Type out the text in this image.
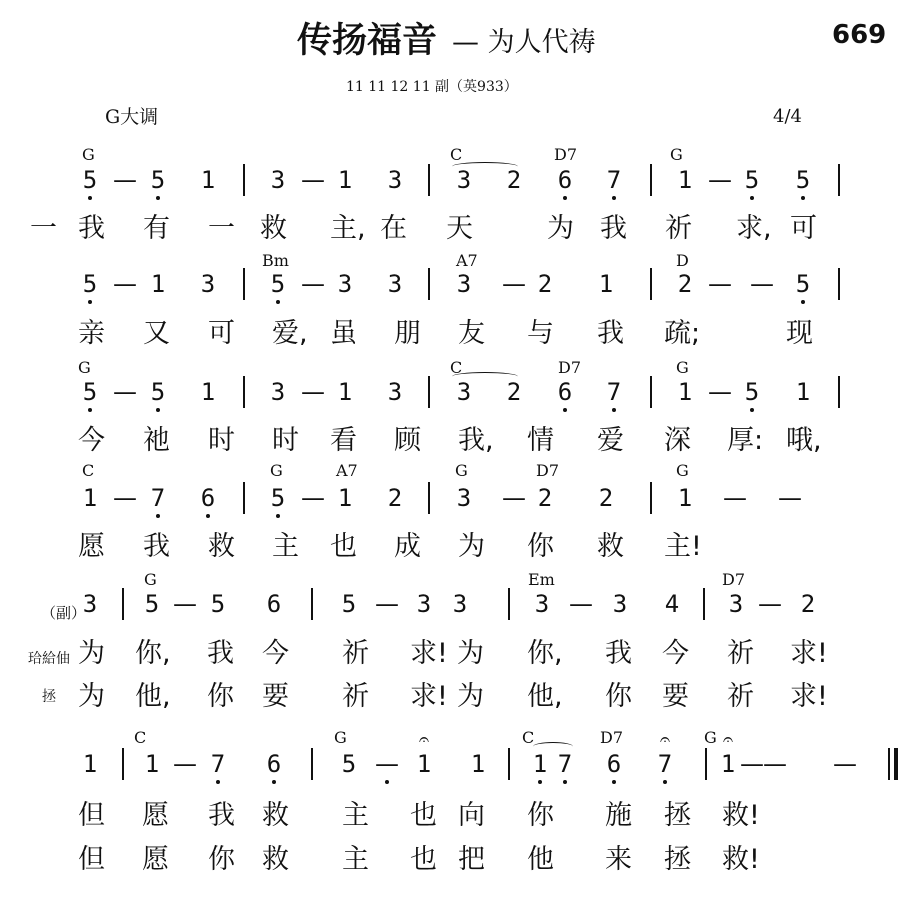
传扬福音 — 为人代祷	669
11 11 12 11 副（英933）
G大调	4/4
（副）
珨給伷
拯
G	C	D7	G
5 — 5 1 3 — 1 3 3 2 6 7 1 — 5 5
Bm	A7	D
5 — 1 3 5 — 3 3 3 — 2 1	2 — — 5
G	C	D7	G
5 — 5 1 3 — 1 3 3 2 6 7 1 — 5 1
C	G	A7	G	D7	G
1 — 7 6 5 — 1 2 3 — 2 2	1 — —
G	Em	D7
3 5 — 5 6	5 — 3 3	3 — 3 4 3 — 2
C	G	C	D7	G
1 1 — 7 6	5 — 1 1 1 7 6 7 1 — — —
𝄐	𝄐	𝄐
一 我 有 一 救 主, 在 天	为 我 祈 求, 可
亲 又 可 爱, 虽 朋 友 与 我 疏;	现
今 祂 时 时 看 顾 我, 情 爱 深 厚: 哦,
愿 我 救 主 也 成 为 你 救 主!
为 你, 我 今 祈 求! 为 你, 我 今 祈 求!
为 他, 你 要 祈 求! 为 他, 你 要 祈 求!
但 愿 我 救 主 也 向 你 施 拯 救!
但 愿 你 救 主 也 把 他 来 拯 救!
